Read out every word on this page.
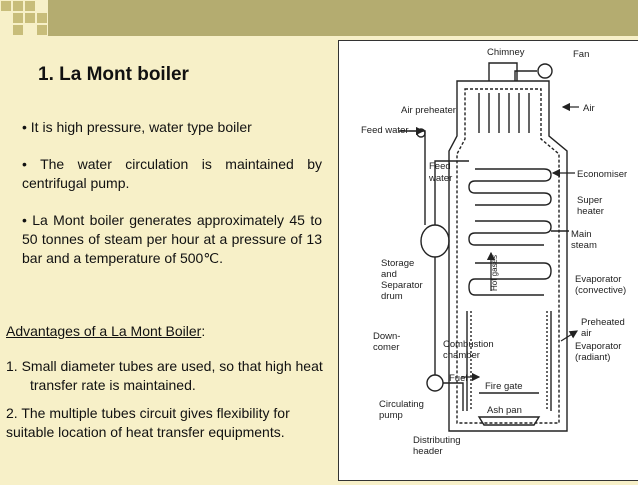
1. La Mont boiler

• It is high pressure, water type boiler

• The water circulation is maintained by centrifugal pump.

• La Mont boiler generates approximately 45 to 50 tonnes of steam per hour at a pressure of 13 bar and a temperature of 500℃.

Advantages of a La Mont Boiler:

1. Small diameter tubes are used, so that high heat transfer rate is maintained.

2. The multiple tubes circuit gives flexibility for suitable location of heat transfer equipments.

Chimney	Fan
Air
Air preheater
Feed water
Feed
water	Economiser
Super
heater
Main
steam
Storage
and
Separator
drum
Evaporator
(convective)
Preheated
air
Evaporator
(radiant)
Down-
comer	Combustion
chamber
Fuel
Fire gate
Ash pan
Circulating
pump
Distributing
header
Hot gases
